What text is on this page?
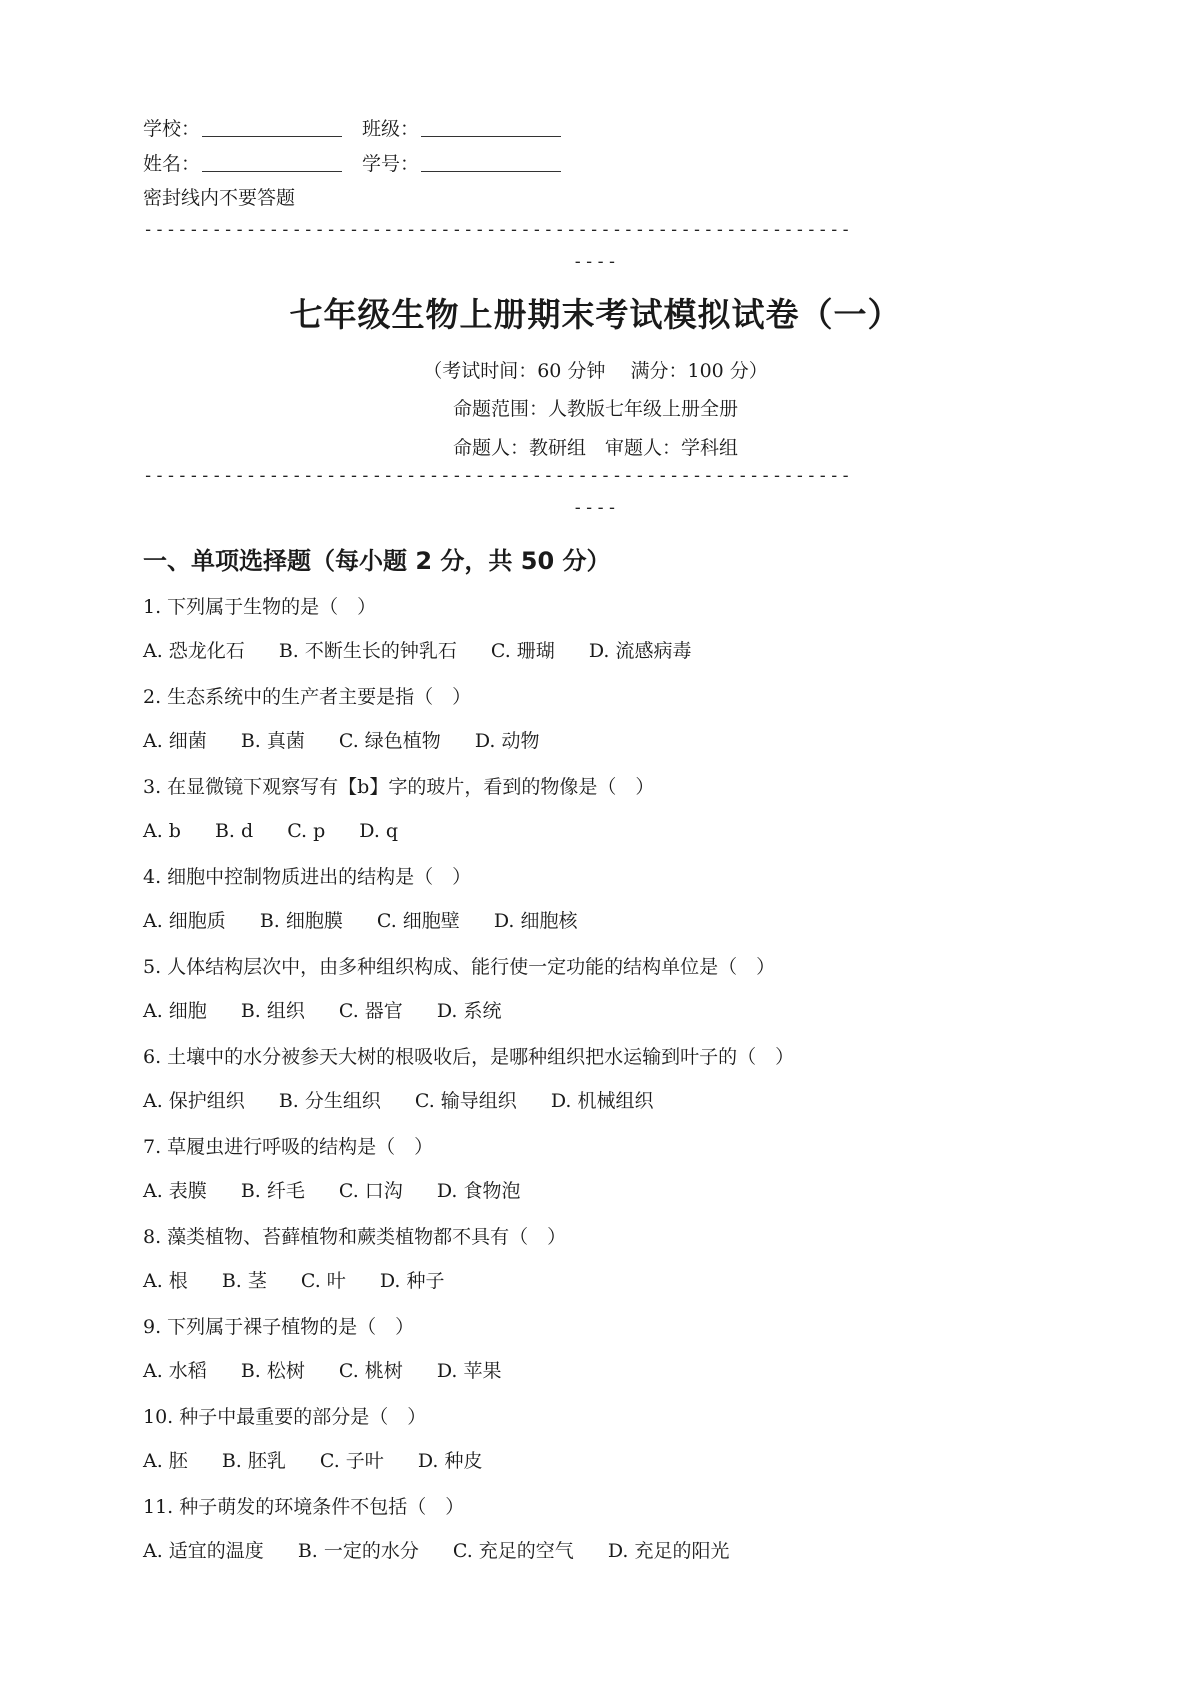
学校：	班级：
姓名：	学号：
密封线内不要答题
--------------------------------------------------------------
----
七年级生物上册期末考试模拟试卷（一）
（考试时间：60 分钟　 满分：100 分）
命题范围：人教版七年级上册全册
命题人：教研组　审题人：学科组
--------------------------------------------------------------
----
一、单项选择题（每小题 2 分，共 50 分）
1. 下列属于生物的是（　）
A. 恐龙化石 B. 不断生长的钟乳石 C. 珊瑚 D. 流感病毒
2. 生态系统中的生产者主要是指（　）
A. 细菌 B. 真菌 C. 绿色植物 D. 动物
3. 在显微镜下观察写有【b】字的玻片，看到的物像是（　）
A. b B. d C. p D. q
4. 细胞中控制物质进出的结构是（　）
A. 细胞质 B. 细胞膜 C. 细胞壁 D. 细胞核
5. 人体结构层次中，由多种组织构成、能行使一定功能的结构单位是（　）
A. 细胞 B. 组织 C. 器官 D. 系统
6. 土壤中的水分被参天大树的根吸收后，是哪种组织把水运输到叶子的（　）
A. 保护组织 B. 分生组织 C. 输导组织 D. 机械组织
7. 草履虫进行呼吸的结构是（　）
A. 表膜 B. 纤毛 C. 口沟 D. 食物泡
8. 藻类植物、苔藓植物和蕨类植物都不具有（　）
A. 根 B. 茎 C. 叶 D. 种子
9. 下列属于裸子植物的是（　）
A. 水稻 B. 松树 C. 桃树 D. 苹果
10. 种子中最重要的部分是（　）
A. 胚 B. 胚乳 C. 子叶 D. 种皮
11. 种子萌发的环境条件不包括（　）
A. 适宜的温度 B. 一定的水分 C. 充足的空气 D. 充足的阳光
